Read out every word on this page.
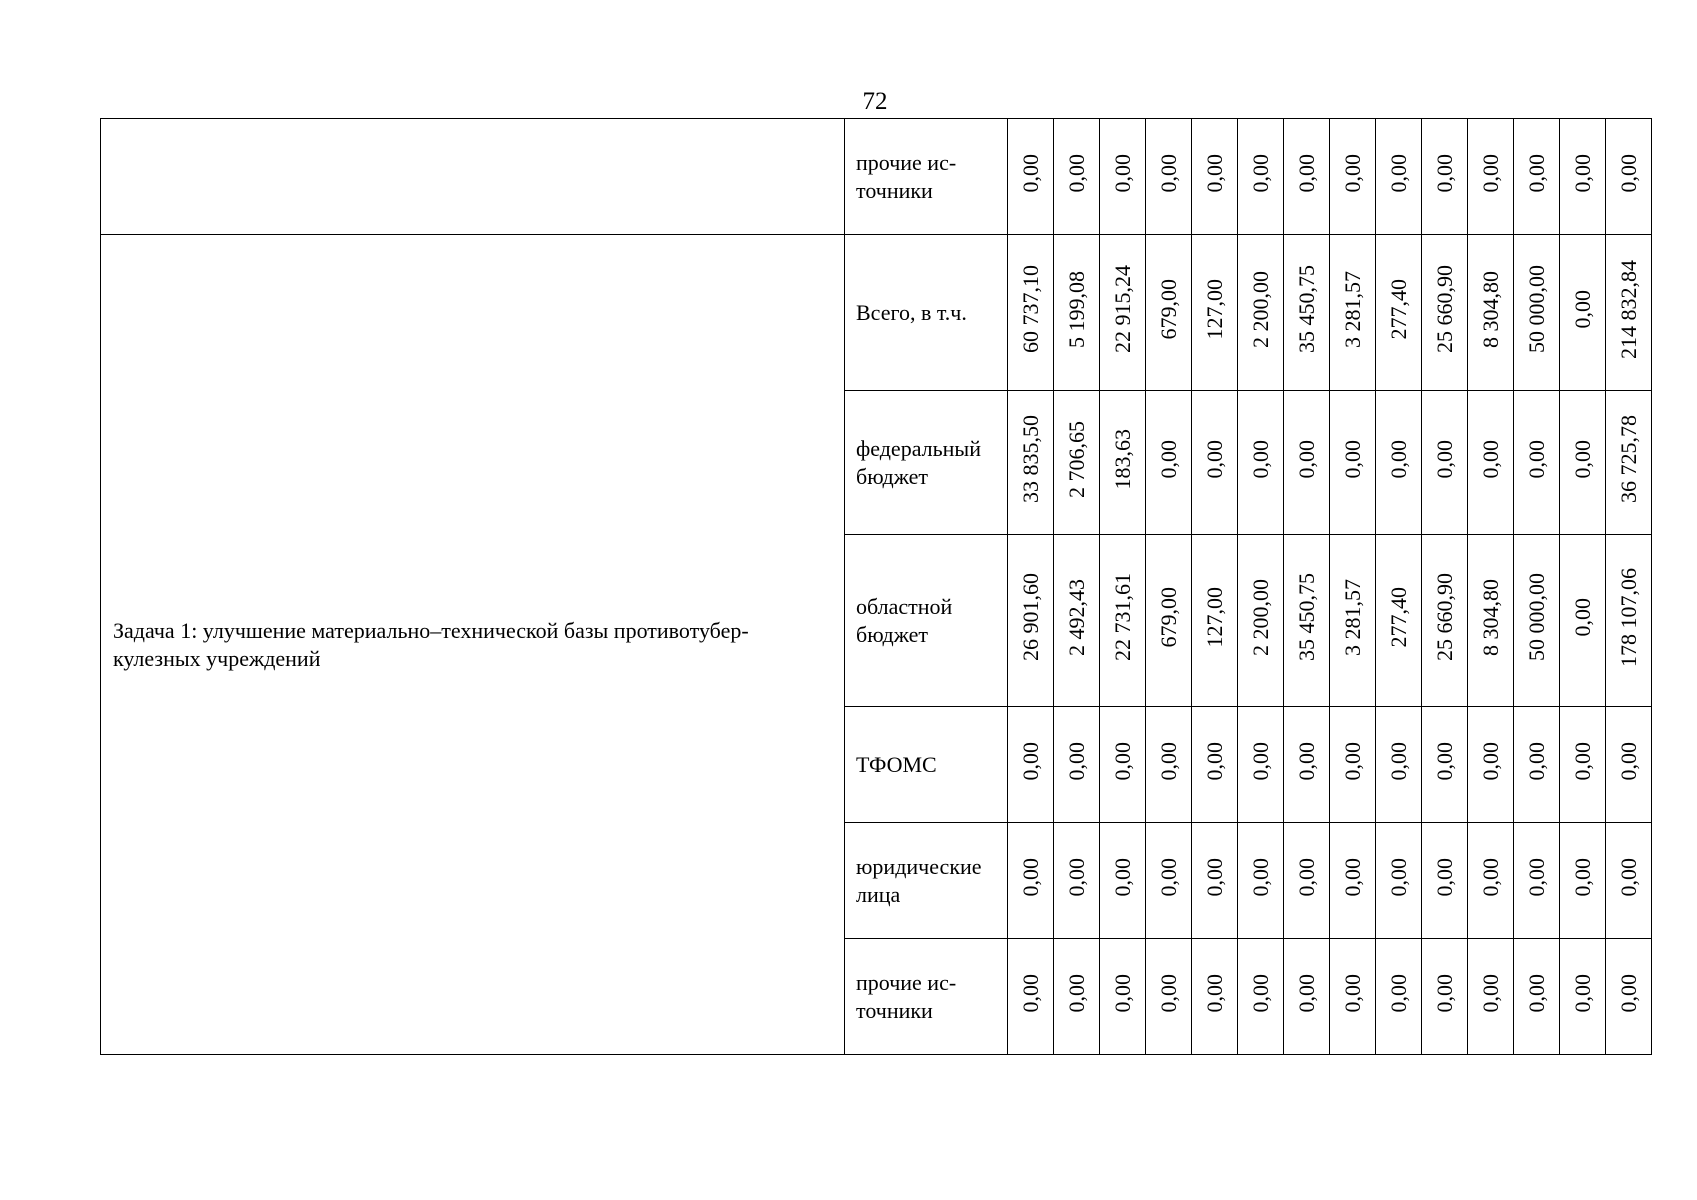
72
	прочие ис-точники	0,00	0,00	0,00	0,00	0,00	0,00	0,00	0,00	0,00	0,00	0,00	0,00	0,00	0,00
Задача 1: улучшение материально–технической базы противотубер-кулезных учреждений	Всего, в т.ч.	60 737,10	5 199,08	22 915,24	679,00	127,00	2 200,00	35 450,75	3 281,57	277,40	25 660,90	8 304,80	50 000,00	0,00	214 832,84
	федеральный бюджет	33 835,50	2 706,65	183,63	0,00	0,00	0,00	0,00	0,00	0,00	0,00	0,00	0,00	0,00	36 725,78
	областной бюджет	26 901,60	2 492,43	22 731,61	679,00	127,00	2 200,00	35 450,75	3 281,57	277,40	25 660,90	8 304,80	50 000,00	0,00	178 107,06
	ТФОМС	0,00	0,00	0,00	0,00	0,00	0,00	0,00	0,00	0,00	0,00	0,00	0,00	0,00	0,00
	юридические лица	0,00	0,00	0,00	0,00	0,00	0,00	0,00	0,00	0,00	0,00	0,00	0,00	0,00	0,00
	прочие ис-точники	0,00	0,00	0,00	0,00	0,00	0,00	0,00	0,00	0,00	0,00	0,00	0,00	0,00	0,00
